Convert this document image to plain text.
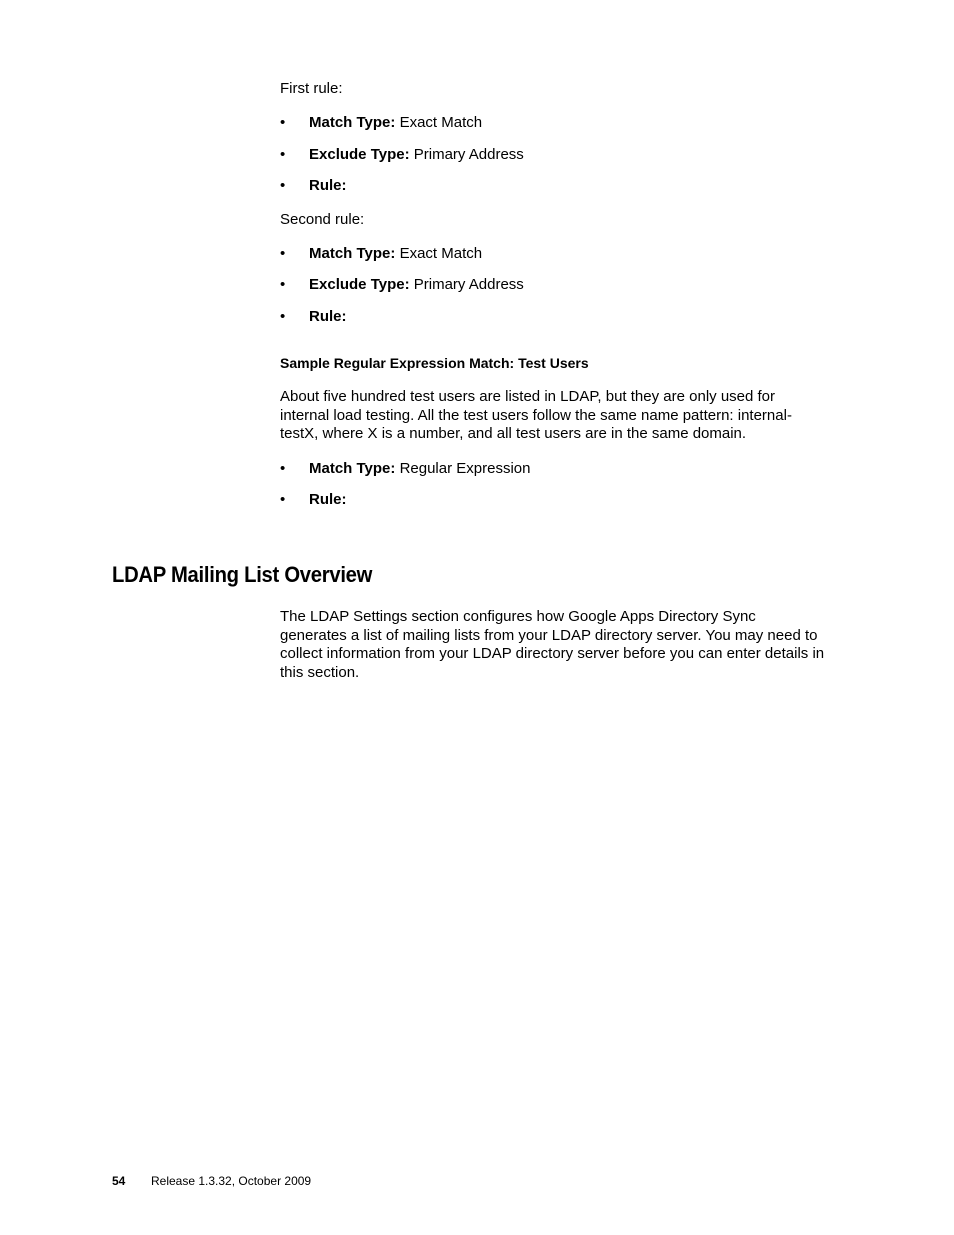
First rule:
•	Match Type: Exact Match
•	Exclude Type: Primary Address
•	Rule:
Second rule:
•	Match Type: Exact Match
•	Exclude Type: Primary Address
•	Rule:
Sample Regular Expression Match: Test Users
About five hundred test users are listed in LDAP, but they are only used for
internal load testing. All the test users follow the same name pattern: internal-
testX, where X is a number, and all test users are in the same domain.
•	Match Type: Regular Expression
•	Rule:
LDAP Mailing List Overview
The LDAP Settings section configures how Google Apps Directory Sync
generates a list of mailing lists from your LDAP directory server. You may need to
collect information from your LDAP directory server before you can enter details in
this section.
54 Release 1.3.32, October 2009
